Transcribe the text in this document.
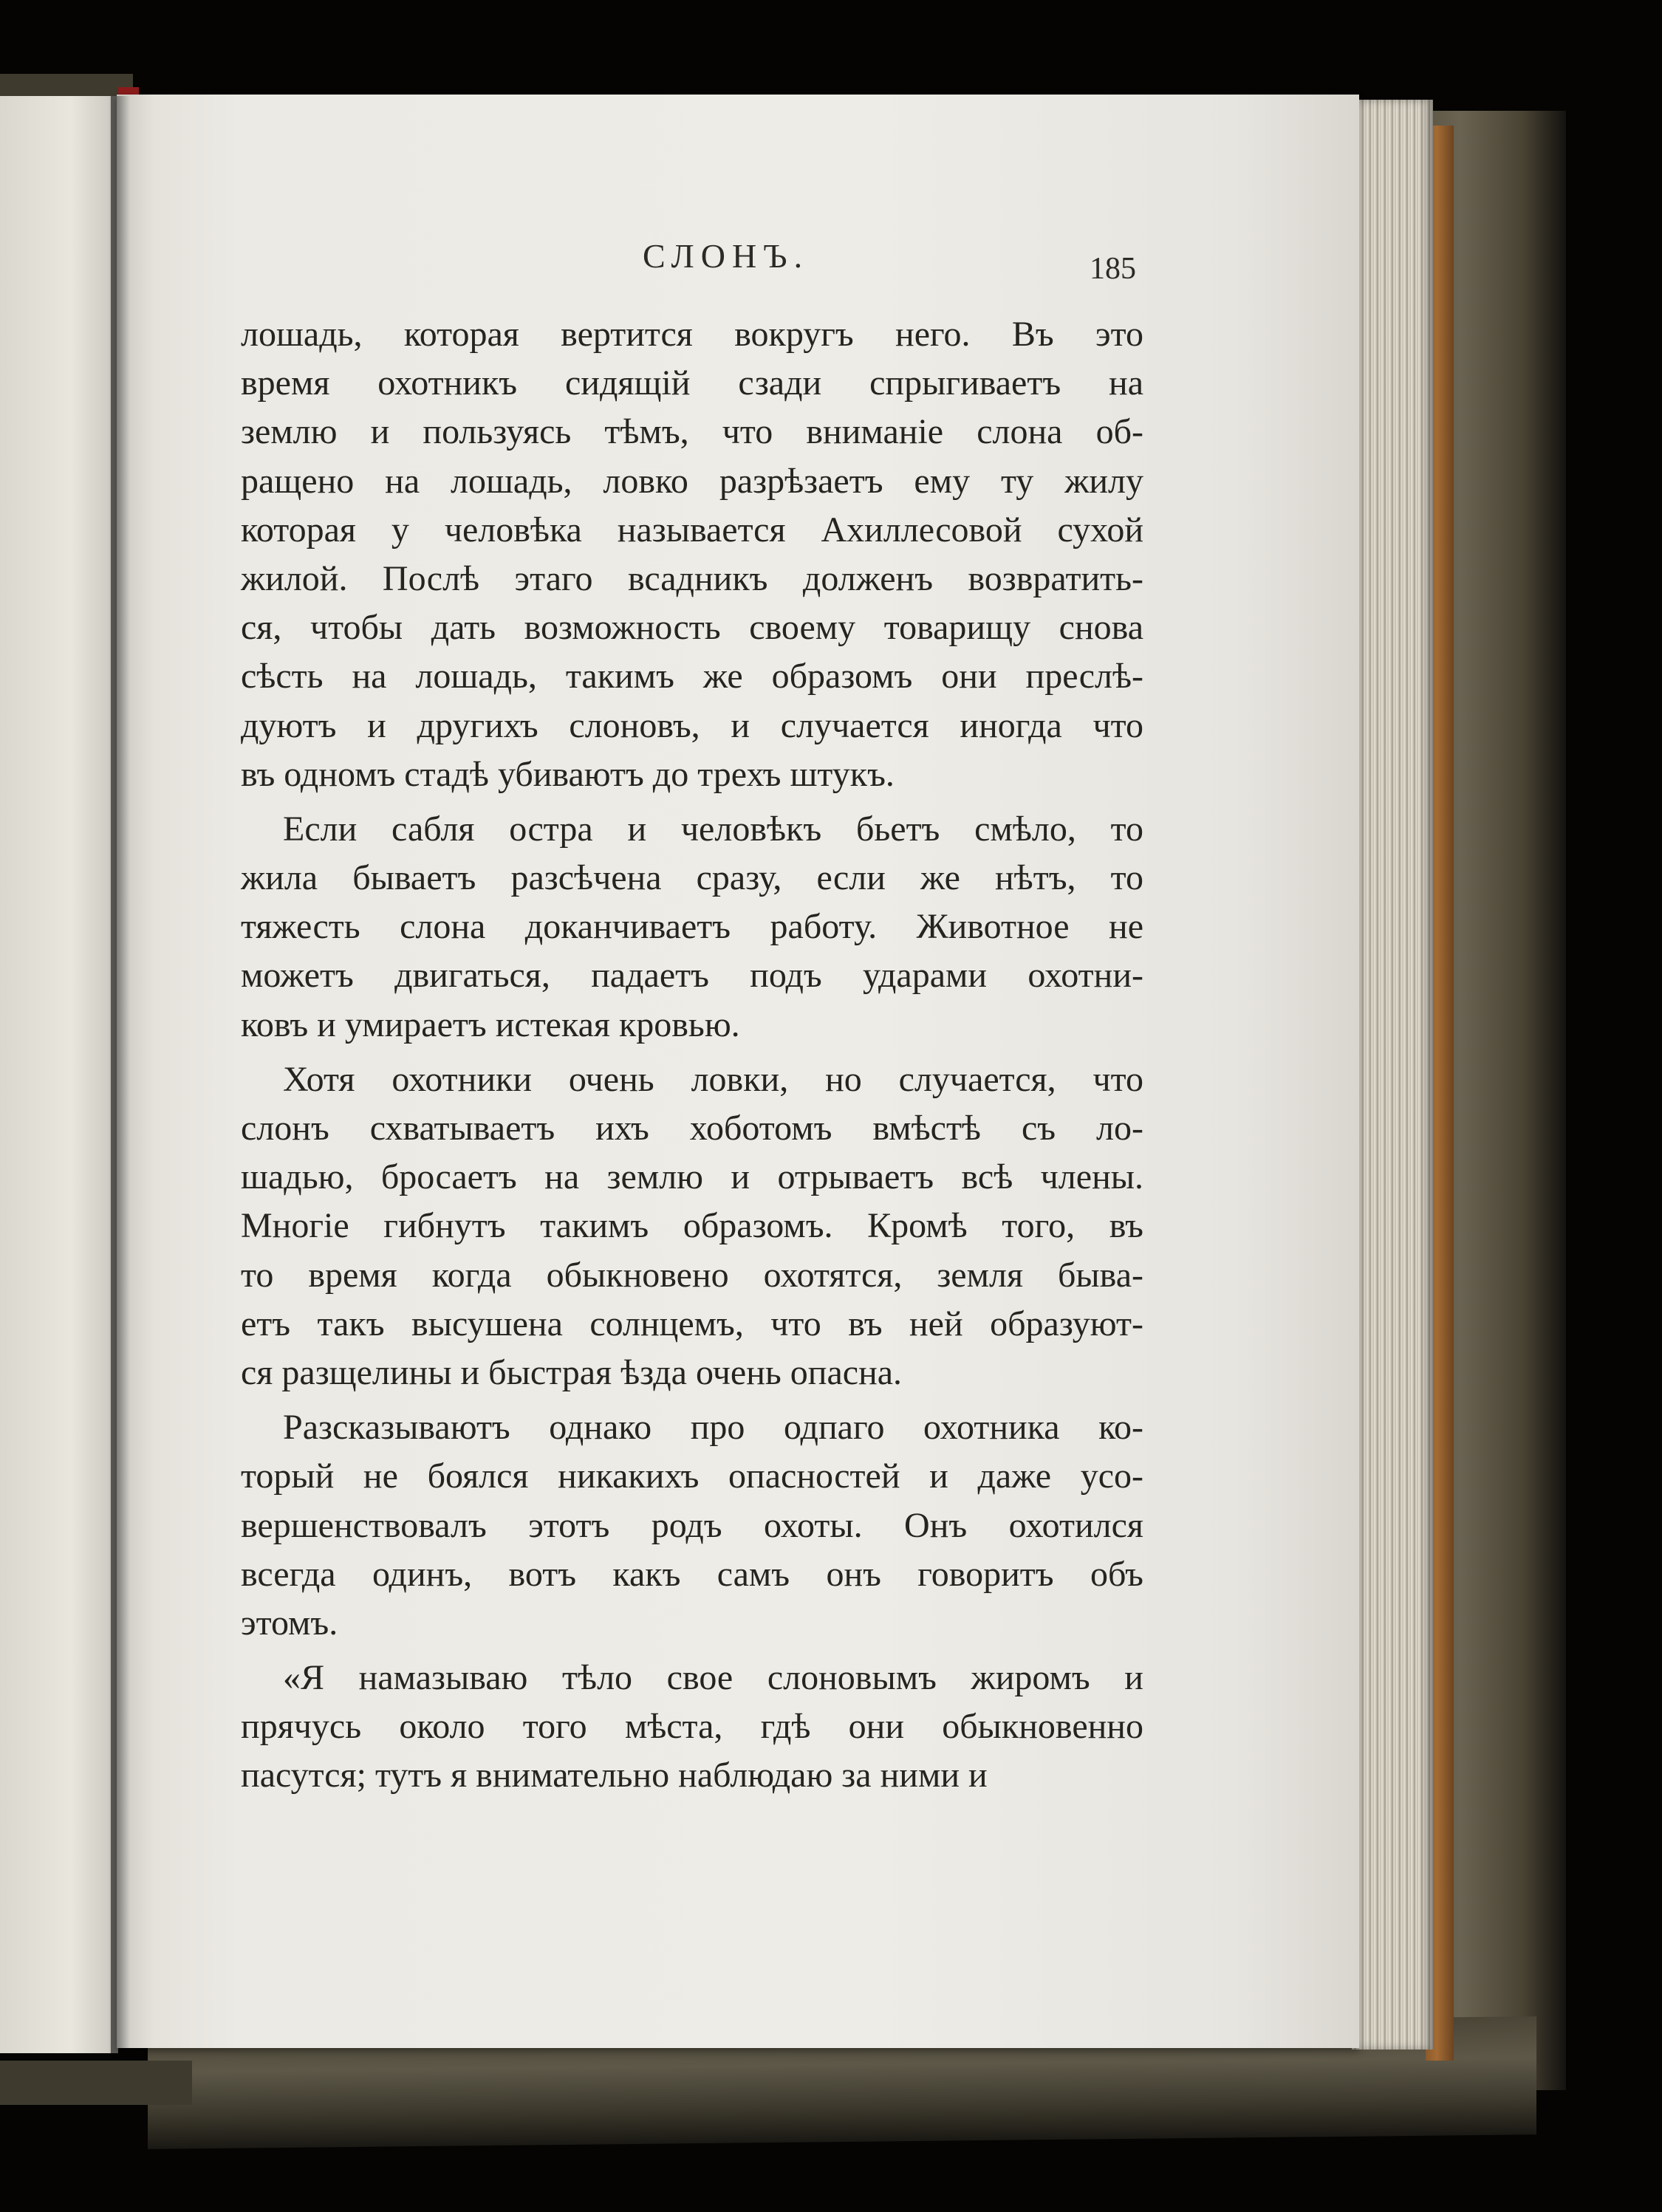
СЛОНЪ.	185
лошадь, которая вертится вокругъ него. Въ это
время охотникъ сидящій сзади спрыгиваетъ на
землю и пользуясь тѣмъ, что вниманіе слона об-
ращено на лошадь, ловко разрѣзаетъ ему ту жилу
которая у человѣка называется Ахиллесовой сухой
жилой. Послѣ этаго всадникъ долженъ возвратить-
ся, чтобы дать возможность своему товарищу снова
сѣсть на лошадь, такимъ же образомъ они преслѣ-
дуютъ и другихъ слоновъ, и случается иногда что
въ одномъ стадѣ убиваютъ до трехъ штукъ.
Если сабля остра и человѣкъ бьетъ смѣло, то
жила бываетъ разсѣчена сразу, если же нѣтъ, то
тяжесть слона доканчиваетъ работу. Животное не
можетъ двигаться, падаетъ подъ ударами охотни-
ковъ и умираетъ истекая кровью.
Хотя охотники очень ловки, но случается, что
слонъ схватываетъ ихъ хоботомъ вмѣстѣ съ ло-
шадью, бросаетъ на землю и отрываетъ всѣ члены.
Многіе гибнутъ такимъ образомъ. Кромѣ того, въ
то время когда обыкновено охотятся, земля быва-
етъ такъ высушена солнцемъ, что въ ней образуют-
ся разщелины и быстрая ѣзда очень опасна.
Разсказываютъ однако про одпаго охотника ко-
торый не боялся никакихъ опасностей и даже усо-
вершенствовалъ этотъ родъ охоты. Онъ охотился
всегда одинъ, вотъ какъ самъ онъ говоритъ объ
этомъ.
«Я намазываю тѣло свое слоновымъ жиромъ и
прячусь около того мѣста, гдѣ они обыкновенно
пасутся; тутъ я внимательно наблюдаю за ними и
